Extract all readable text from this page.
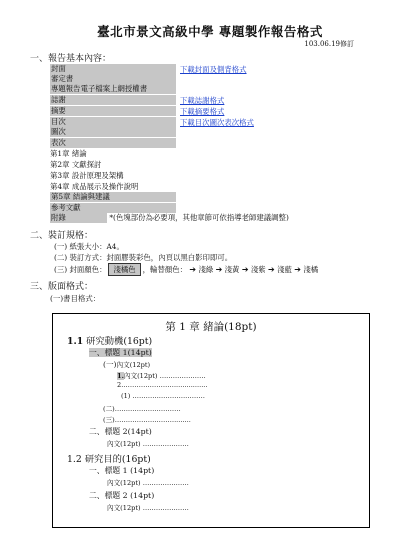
臺北市景文高級中學 專題製作報告格式
103.06.19修訂
一、報告基本內容：
封面
審定書
專題報告電子檔案上網授權書
誌謝
摘要
目次
圖次
表次
第1章 緒論
第2章 文獻探討
第3章 設計原理及架構
第4章 成品展示及操作說明
第5章 結論與建議
參考文獻
附錄	*(色塊部份為必要項，其他章節可依指導老師建議調整)
下載封面及側背格式
下載誌謝格式
下載摘要格式
下載目次圖次表次格式
二、裝訂規格：
(一) 紙張大小：A4。
(二) 裝訂方式：封面膠裝彩色，內頁以黑白影印即可。
(三) 封面顏色： 淺橘色 ，輪替顏色： ➔ 淺綠 ➔ 淺黃 ➔ 淺紫 ➔ 淺藍 ➔ 淺橘
三、版面格式：
(一)書目格式：
第 1 章 緒論(18pt)
1.1 研究動機(16pt)
一、標題 1(14pt)
(一)內文(12pt)
1.內文(12pt) …………………
2.……………………...............
(1) ……………………………
(二)…………………………
(三)………………………........
二、標題 2(14pt)
內文(12pt) …………………
1.2 研究目的(16pt)
一、標題 1 (14pt)
內文(12pt) …………………
二、標題 2 (14pt)
內文(12pt) …………………
